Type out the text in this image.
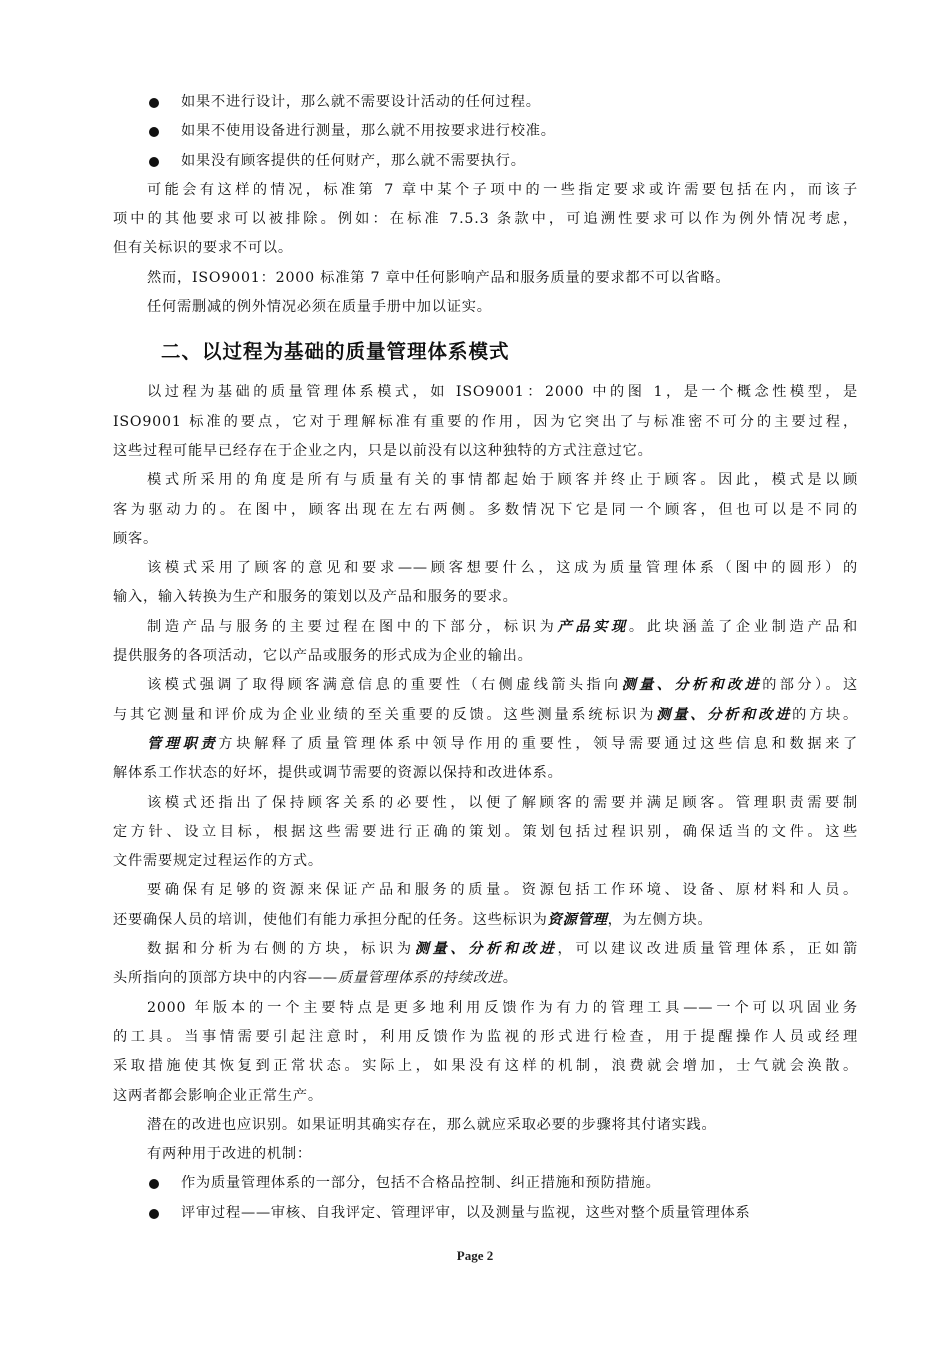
如果不进行设计，那么就不需要设计活动的任何过程。
如果不使用设备进行测量，那么就不用按要求进行校准。
如果没有顾客提供的任何财产，那么就不需要执行。
可能会有这样的情况，标准第 7 章中某个子项中的一些指定要求或许需要包括在内，而该子
项中的其他要求可以被排除。例如：在标准 7.5.3 条款中，可追溯性要求可以作为例外情况考虑，
但有关标识的要求不可以。
然而，ISO9001：2000 标准第 7 章中任何影响产品和服务质量的要求都不可以省略。
任何需删减的例外情况必须在质量手册中加以证实。
二、以过程为基础的质量管理体系模式
以过程为基础的质量管理体系模式，如 ISO9001：2000 中的图 1，是一个概念性模型，是
ISO9001 标准的要点，它对于理解标准有重要的作用，因为它突出了与标准密不可分的主要过程，
这些过程可能早已经存在于企业之内，只是以前没有以这种独特的方式注意过它。
模式所采用的角度是所有与质量有关的事情都起始于顾客并终止于顾客。因此，模式是以顾
客为驱动力的。在图中，顾客出现在左右两侧。多数情况下它是同一个顾客，但也可以是不同的
顾客。
该模式采用了顾客的意见和要求——顾客想要什么，这成为质量管理体系（图中的圆形）的
输入，输入转换为生产和服务的策划以及产品和服务的要求。
制造产品与服务的主要过程在图中的下部分，标识为产品实现。此块涵盖了企业制造产品和
提供服务的各项活动，它以产品或服务的形式成为企业的输出。
该模式强调了取得顾客满意信息的重要性（右侧虚线箭头指向测量、分析和改进的部分）。这
与其它测量和评价成为企业业绩的至关重要的反馈。这些测量系统标识为测量、分析和改进的方块。
管理职责方块解释了质量管理体系中领导作用的重要性，领导需要通过这些信息和数据来了
解体系工作状态的好坏，提供或调节需要的资源以保持和改进体系。
该模式还指出了保持顾客关系的必要性，以便了解顾客的需要并满足顾客。管理职责需要制
定方针、设立目标，根据这些需要进行正确的策划。策划包括过程识别，确保适当的文件。这些
文件需要规定过程运作的方式。
要确保有足够的资源来保证产品和服务的质量。资源包括工作环境、设备、原材料和人员。
还要确保人员的培训，使他们有能力承担分配的任务。这些标识为资源管理，为左侧方块。
数据和分析为右侧的方块，标识为测量、分析和改进，可以建议改进质量管理体系，正如箭
头所指向的顶部方块中的内容——质量管理体系的持续改进。
2000 年版本的一个主要特点是更多地利用反馈作为有力的管理工具——一个可以巩固业务
的工具。当事情需要引起注意时，利用反馈作为监视的形式进行检查，用于提醒操作人员或经理
采取措施使其恢复到正常状态。实际上，如果没有这样的机制，浪费就会增加，士气就会涣散。
这两者都会影响企业正常生产。
潜在的改进也应识别。如果证明其确实存在，那么就应采取必要的步骤将其付诸实践。
有两种用于改进的机制：
作为质量管理体系的一部分，包括不合格品控制、纠正措施和预防措施。
评审过程——审核、自我评定、管理评审，以及测量与监视，这些对整个质量管理体系
Page 2
